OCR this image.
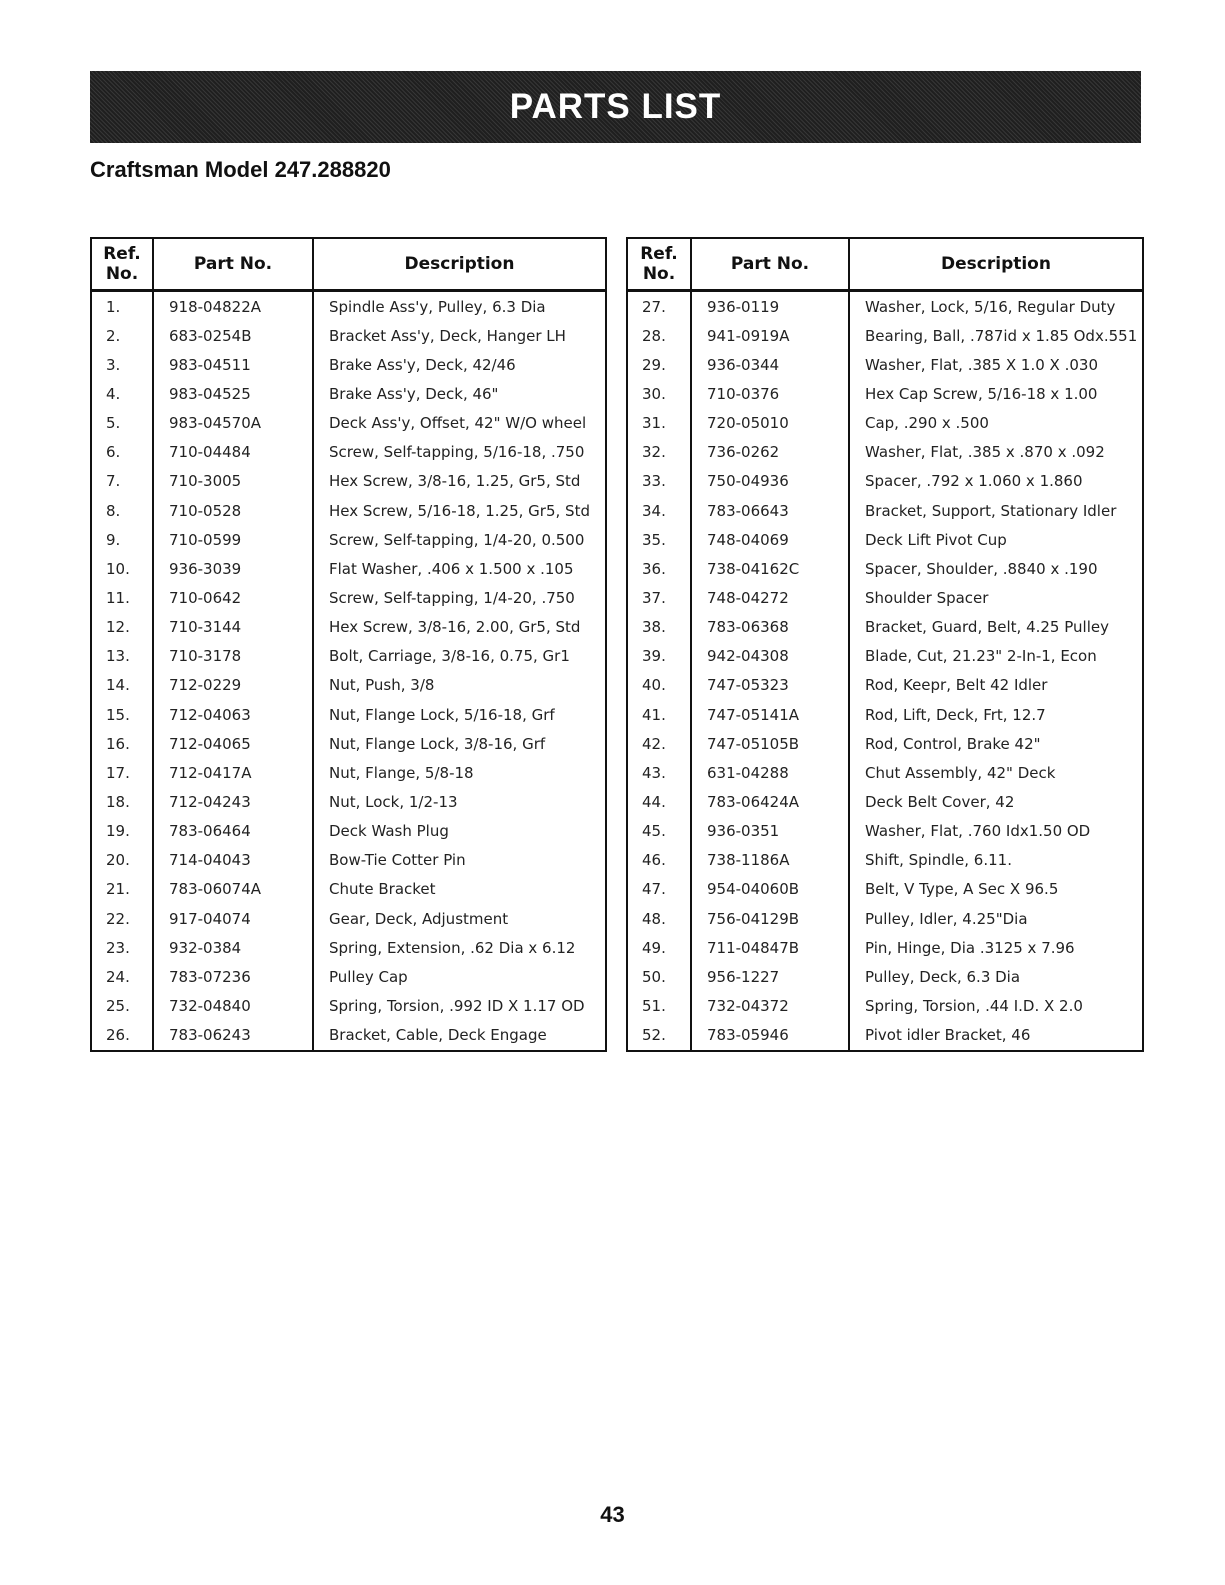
PARTS LIST
Craftsman Model 247.288820
Ref.
No.	Part No.	Description
1.	918-04822A	Spindle Ass'y, Pulley, 6.3 Dia
2.	683-0254B	Bracket Ass'y, Deck, Hanger LH
3.	983-04511	Brake Ass'y, Deck, 42/46
4.	983-04525	Brake Ass'y, Deck, 46"
5.	983-04570A	Deck Ass'y, Offset, 42" W/O wheel
6.	710-04484	Screw, Self-tapping, 5/16-18, .750
7.	710-3005	Hex Screw, 3/8-16, 1.25, Gr5, Std
8.	710-0528	Hex Screw, 5/16-18, 1.25, Gr5, Std
9.	710-0599	Screw, Self-tapping, 1/4-20, 0.500
10.	936-3039	Flat Washer, .406 x 1.500 x .105
11.	710-0642	Screw, Self-tapping, 1/4-20, .750
12.	710-3144	Hex Screw, 3/8-16, 2.00, Gr5, Std
13.	710-3178	Bolt, Carriage, 3/8-16, 0.75, Gr1
14.	712-0229	Nut, Push, 3/8
15.	712-04063	Nut, Flange Lock, 5/16-18, Grf
16.	712-04065	Nut, Flange Lock, 3/8-16, Grf
17.	712-0417A	Nut, Flange, 5/8-18
18.	712-04243	Nut, Lock, 1/2-13
19.	783-06464	Deck Wash Plug
20.	714-04043	Bow-Tie Cotter Pin
21.	783-06074A	Chute Bracket
22.	917-04074	Gear, Deck, Adjustment
23.	932-0384	Spring, Extension, .62 Dia x 6.12
24.	783-07236	Pulley Cap
25.	732-04840	Spring, Torsion, .992 ID X 1.17 OD
26.	783-06243	Bracket, Cable, Deck Engage
Ref.
No.	Part No.	Description
27.	936-0119	Washer, Lock, 5/16, Regular Duty
28.	941-0919A	Bearing, Ball, .787id x 1.85 Odx.551
29.	936-0344	Washer, Flat, .385 X 1.0 X .030
30.	710-0376	Hex Cap Screw, 5/16-18 x 1.00
31.	720-05010	Cap, .290 x .500
32.	736-0262	Washer, Flat, .385 x .870 x .092
33.	750-04936	Spacer, .792 x 1.060 x 1.860
34.	783-06643	Bracket, Support, Stationary Idler
35.	748-04069	Deck Lift Pivot Cup
36.	738-04162C	Spacer, Shoulder, .8840 x .190
37.	748-04272	Shoulder Spacer
38.	783-06368	Bracket, Guard, Belt, 4.25 Pulley
39.	942-04308	Blade, Cut, 21.23" 2-In-1, Econ
40.	747-05323	Rod, Keepr, Belt 42 Idler
41.	747-05141A	Rod, Lift, Deck, Frt, 12.7
42.	747-05105B	Rod, Control, Brake 42"
43.	631-04288	Chut Assembly, 42" Deck
44.	783-06424A	Deck Belt Cover, 42
45.	936-0351	Washer, Flat, .760 Idx1.50 OD
46.	738-1186A	Shift, Spindle, 6.11.
47.	954-04060B	Belt, V Type, A Sec X 96.5
48.	756-04129B	Pulley, Idler, 4.25"Dia
49.	711-04847B	Pin, Hinge, Dia .3125 x 7.96
50.	956-1227	Pulley, Deck, 6.3 Dia
51.	732-04372	Spring, Torsion, .44 I.D. X 2.0
52.	783-05946	Pivot idler Bracket, 46
43
